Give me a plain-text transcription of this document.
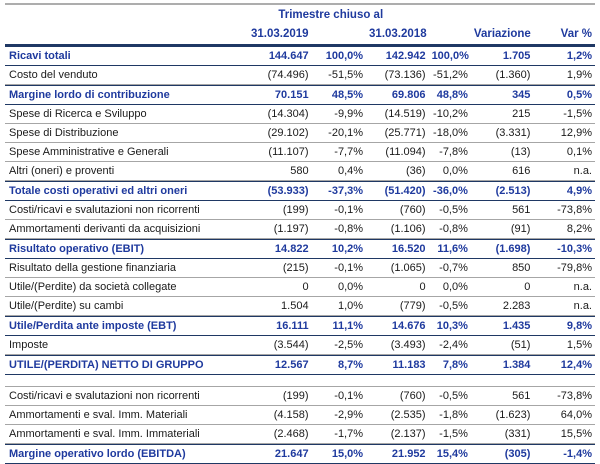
	Trimestre chiuso al					
	31.03.2019		31.03.2018		Variazione	Var %
Ricavi totali	144.647	100,0%	142.942	100,0%	1.705	1,2%
Costo del venduto	(74.496)	-51,5%	(73.136)	-51,2%	(1.360)	1,9%
Margine lordo di contribuzione	70.151	48,5%	69.806	48,8%	345	0,5%
Spese di Ricerca e Sviluppo	(14.304)	-9,9%	(14.519)	-10,2%	215	-1,5%
Spese di Distribuzione	(29.102)	-20,1%	(25.771)	-18,0%	(3.331)	12,9%
Spese Amministrative e Generali	(11.107)	-7,7%	(11.094)	-7,8%	(13)	0,1%
Altri (oneri) e proventi	580	0,4%	(36)	0,0%	616	n.a.
Totale costi operativi ed altri oneri	(53.933)	-37,3%	(51.420)	-36,0%	(2.513)	4,9%
Costi/ricavi e svalutazioni non ricorrenti	(199)	-0,1%	(760)	-0,5%	561	-73,8%
Ammortamenti derivanti da acquisizioni	(1.197)	-0,8%	(1.106)	-0,8%	(91)	8,2%
Risultato operativo (EBIT)	14.822	10,2%	16.520	11,6%	(1.698)	-10,3%
Risultato della gestione finanziaria	(215)	-0,1%	(1.065)	-0,7%	850	-79,8%
Utile/(Perdite) da società collegate	0	0,0%	0	0,0%	0	n.a.
Utile/(Perdite) su cambi	1.504	1,0%	(779)	-0,5%	2.283	n.a.
Utile/Perdita ante imposte (EBT)	16.111	11,1%	14.676	10,3%	1.435	9,8%
Imposte	(3.544)	-2,5%	(3.493)	-2,4%	(51)	1,5%
UTILE/(PERDITA) NETTO DI GRUPPO	12.567	8,7%	11.183	7,8%	1.384	12,4%

Costi/ricavi e svalutazioni non ricorrenti	(199)	-0,1%	(760)	-0,5%	561	-73,8%
Ammortamenti e sval. Imm. Materiali	(4.158)	-2,9%	(2.535)	-1,8%	(1.623)	64,0%
Ammortamenti e sval. Imm. Immateriali	(2.468)	-1,7%	(2.137)	-1,5%	(331)	15,5%
Margine operativo lordo (EBITDA)	21.647	15,0%	21.952	15,4%	(305)	-1,4%
